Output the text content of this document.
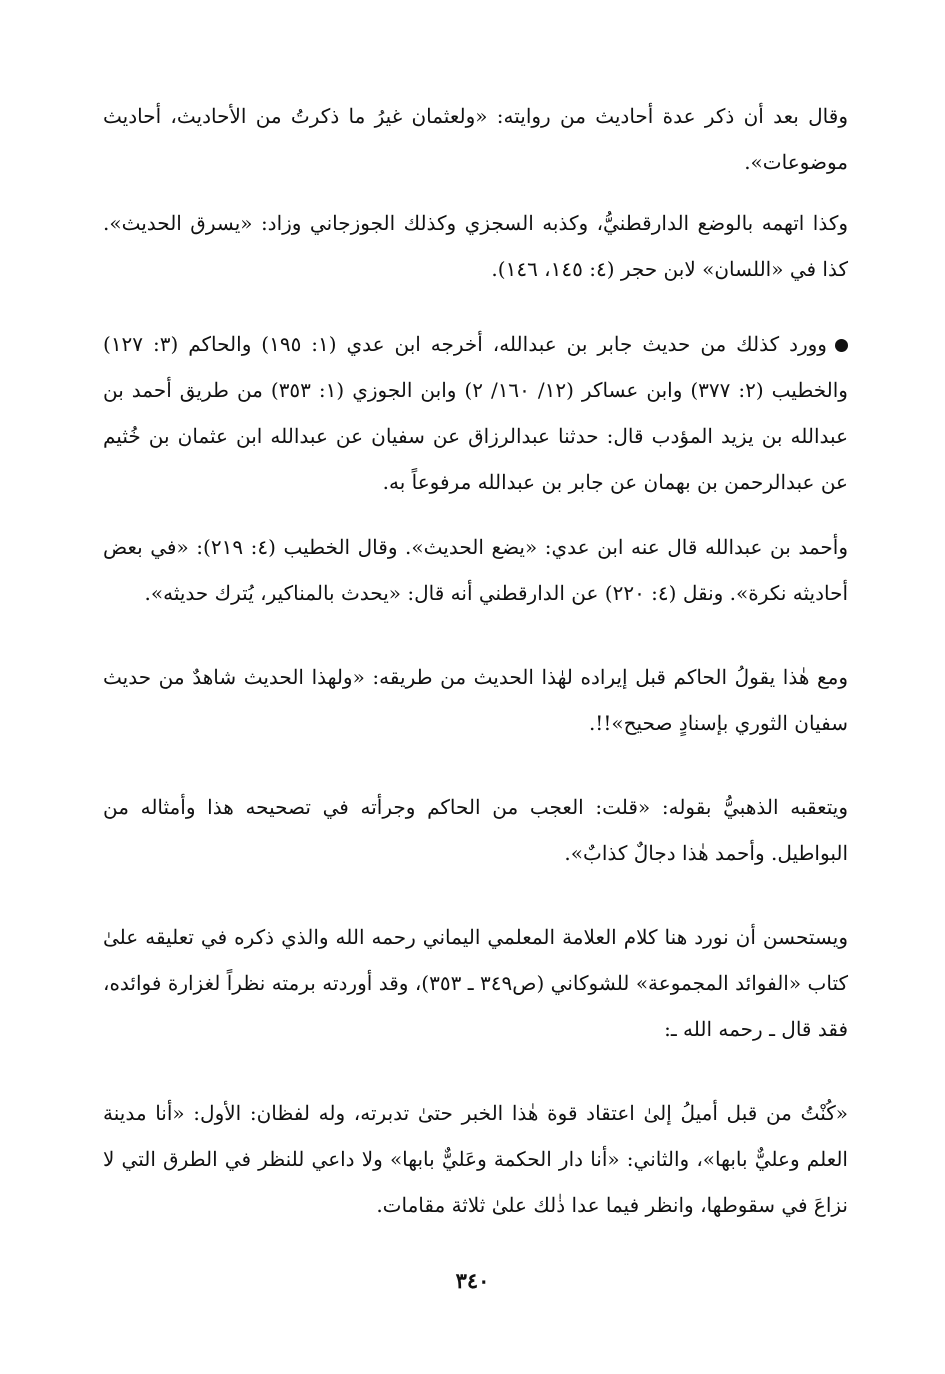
وقال بعد أن ذكر عدة أحاديث من روايته: «ولعثمان غيرُ ما ذكرتُ من الأحاديث، أحاديث موضوعات».

وكذا اتهمه بالوضع الدارقطنيُّ، وكذبه السجزي وكذلك الجوزجاني وزاد: «يسرق الحديث». كذا في «اللسان» لابن حجر (٤: ١٤٥، ١٤٦).

وورد كذلك من حديث جابر بن عبدالله، أخرجه ابن عدي (١: ١٩٥) والحاكم (٣: ١٢٧) والخطيب (٢: ٣٧٧) وابن عساكر (١٢/ ١٦٠/ ٢) وابن الجوزي (١: ٣٥٣) من طريق أحمد بن عبدالله بن يزيد المؤدب قال: حدثنا عبدالرزاق عن سفيان عن عبدالله ابن عثمان بن خُثيم عن عبدالرحمن بن بهمان عن جابر بن عبدالله مرفوعاً به.

وأحمد بن عبدالله قال عنه ابن عدي: «يضع الحديث». وقال الخطيب (٤: ٢١٩): «في بعض أحاديثه نكرة». ونقل (٤: ٢٢٠) عن الدارقطني أنه قال: «يحدث بالمناكير، يُترك حديثه».

ومع هٰذا يقولُ الحاكم قبل إيراده لهٰذا الحديث من طريقه: «ولهذا الحديث شاهدٌ من حديث سفيان الثوري بإسنادٍ صحيح»!!.

ويتعقبه الذهبيُّ بقوله: «قلت: العجب من الحاكم وجرأته في تصحيحه هذا وأمثاله من البواطيل. وأحمد هٰذا دجالٌ كذابٌ».

ويستحسن أن نورد هنا كلام العلامة المعلمي اليماني رحمه الله والذي ذكره في تعليقه علىٰ كتاب «الفوائد المجموعة» للشوكاني (ص٣٤٩ ـ ٣٥٣)، وقد أوردته برمته نظراً لغزارة فوائده، فقد قال ـ رحمه الله ـ:

«كُنْتُ من قبل أميلُ إلىٰ اعتقاد قوة هٰذا الخبر حتىٰ تدبرته، وله لفظان: الأول: «أنا مدينة العلم وعليٌّ بابها»، والثاني: «أنا دار الحكمة وعَليٌّ بابها» ولا داعي للنظر في الطرق التي لا نزاعَ في سقوطها، وانظر فيما عدا ذٰلك علىٰ ثلاثة مقامات.

٣٤٠
